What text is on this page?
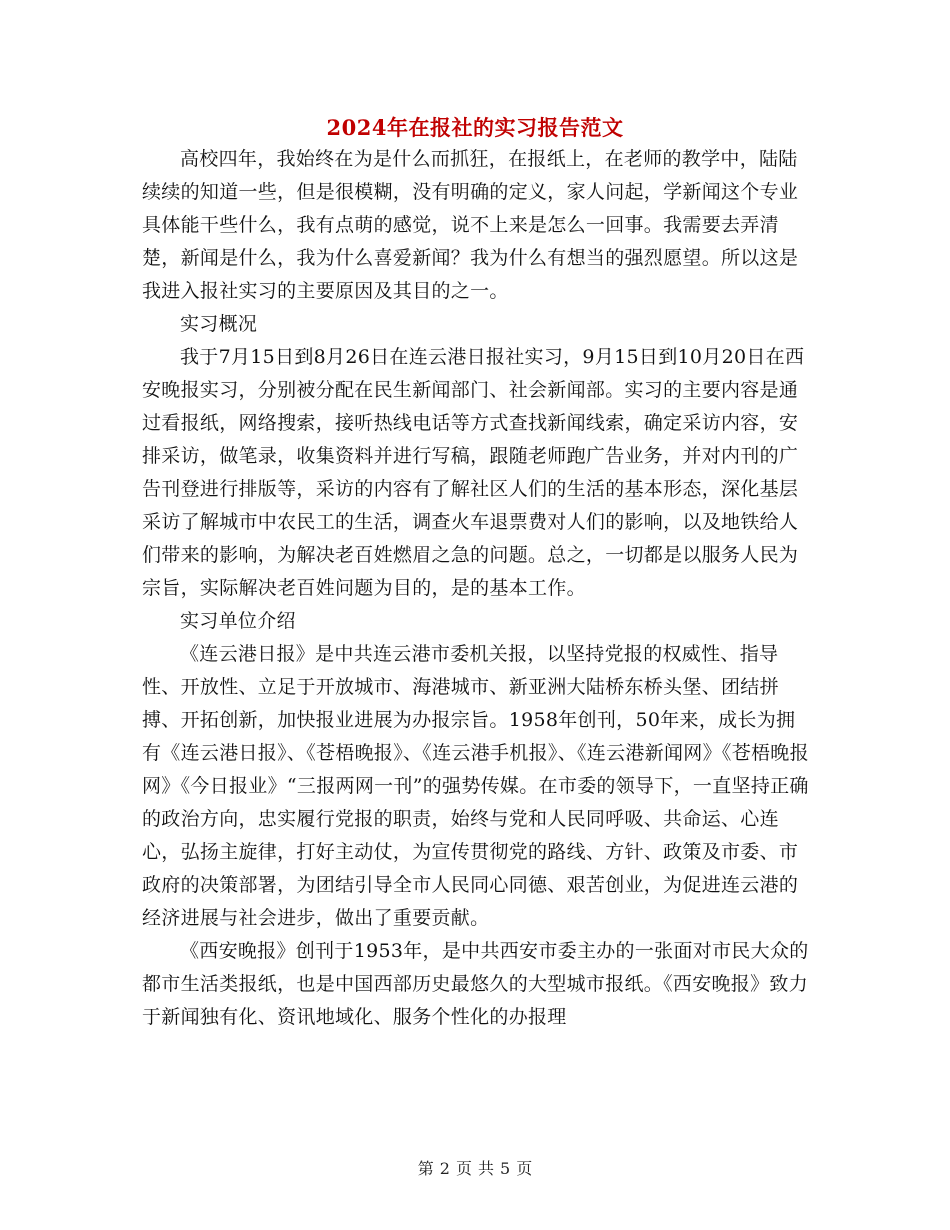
2024年在报社的实习报告范文

高校四年，我始终在为是什么而抓狂，在报纸上，在老师的教学中，陆陆续续的知道一些，但是很模糊，没有明确的定义，家人问起，学新闻这个专业具体能干些什么，我有点萌的感觉，说不上来是怎么一回事。我需要去弄清楚，新闻是什么，我为什么喜爱新闻？我为什么有想当的强烈愿望。所以这是我进入报社实习的主要原因及其目的之一。

实习概况

我于7月15日到8月26日在连云港日报社实习，9月15日到10月20日在西安晚报实习，分别被分配在民生新闻部门、社会新闻部。实习的主要内容是通过看报纸，网络搜索，接听热线电话等方式查找新闻线索，确定采访内容，安排采访，做笔录，收集资料并进行写稿，跟随老师跑广告业务，并对内刊的广告刊登进行排版等，采访的内容有了解社区人们的生活的基本形态，深化基层采访了解城市中农民工的生活，调查火车退票费对人们的影响，以及地铁给人们带来的影响，为解决老百姓燃眉之急的问题。总之，一切都是以服务人民为宗旨，实际解决老百姓问题为目的，是的基本工作。

实习单位介绍

《连云港日报》是中共连云港市委机关报，以坚持党报的权威性、指导性、开放性、立足于开放城市、海港城市、新亚洲大陆桥东桥头堡、团结拼搏、开拓创新，加快报业进展为办报宗旨。1958年创刊，50年来，成长为拥有《连云港日报》、《苍梧晚报》、《连云港手机报》、《连云港新闻网》《苍梧晚报网》《今日报业》“三报两网一刊”的强势传媒。在市委的领导下，一直坚持正确的政治方向，忠实履行党报的职责，始终与党和人民同呼吸、共命运、心连心，弘扬主旋律，打好主动仗，为宣传贯彻党的路线、方针、政策及市委、市政府的决策部署，为团结引导全市人民同心同德、艰苦创业，为促进连云港的经济进展与社会进步，做出了重要贡献。

《西安晚报》创刊于1953年，是中共西安市委主办的一张面对市民大众的都市生活类报纸，也是中国西部历史最悠久的大型城市报纸。《西安晚报》致力于新闻独有化、资讯地域化、服务个性化的办报理

第 2 页 共 5 页
